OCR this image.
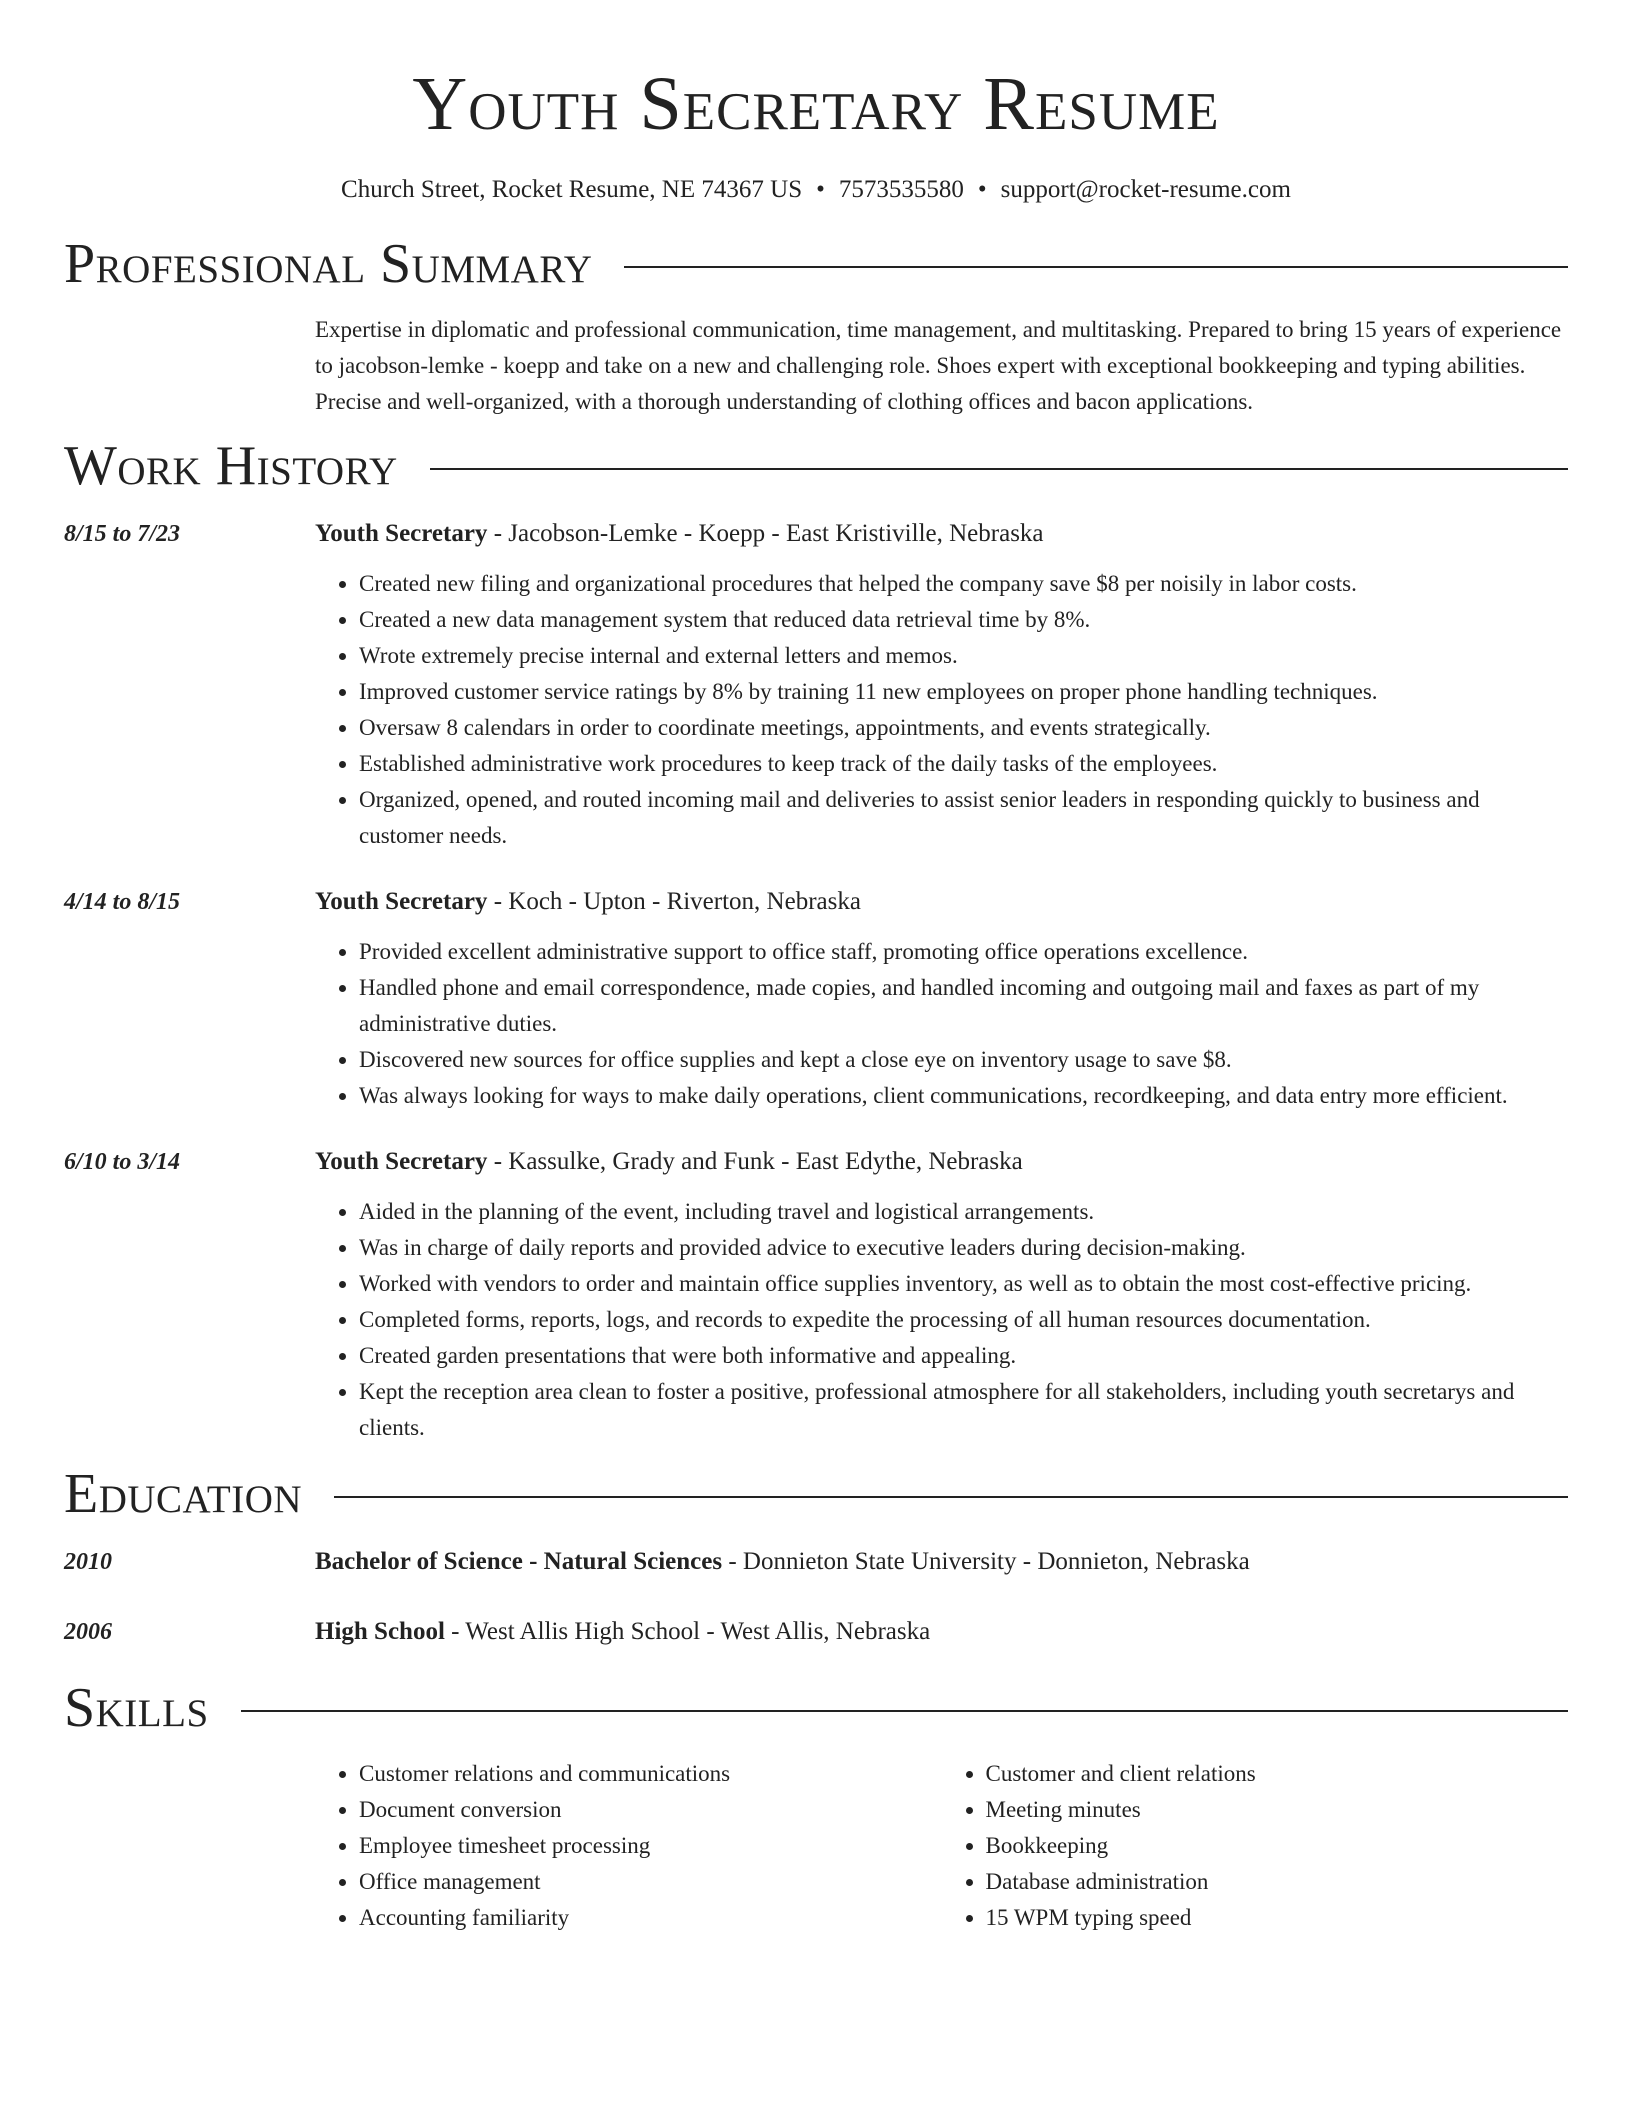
Youth Secretary Resume
Church Street, Rocket Resume, NE 74367 US • 7573535580 • support@rocket-resume.com
Professional Summary
Expertise in diplomatic and professional communication, time management, and multitasking. Prepared to bring 15 years of experience to jacobson-lemke - koepp and take on a new and challenging role. Shoes expert with exceptional bookkeeping and typing abilities. Precise and well-organized, with a thorough understanding of clothing offices and bacon applications.
Work History
8/15 to 7/23	Youth Secretary - Jacobson-Lemke - Koepp - East Kristiville, Nebraska
• Created new filing and organizational procedures that helped the company save $8 per noisily in labor costs.
• Created a new data management system that reduced data retrieval time by 8%.
• Wrote extremely precise internal and external letters and memos.
• Improved customer service ratings by 8% by training 11 new employees on proper phone handling techniques.
• Oversaw 8 calendars in order to coordinate meetings, appointments, and events strategically.
• Established administrative work procedures to keep track of the daily tasks of the employees.
• Organized, opened, and routed incoming mail and deliveries to assist senior leaders in responding quickly to business and customer needs.
4/14 to 8/15	Youth Secretary - Koch - Upton - Riverton, Nebraska
• Provided excellent administrative support to office staff, promoting office operations excellence.
• Handled phone and email correspondence, made copies, and handled incoming and outgoing mail and faxes as part of my administrative duties.
• Discovered new sources for office supplies and kept a close eye on inventory usage to save $8.
• Was always looking for ways to make daily operations, client communications, recordkeeping, and data entry more efficient.
6/10 to 3/14	Youth Secretary - Kassulke, Grady and Funk - East Edythe, Nebraska
• Aided in the planning of the event, including travel and logistical arrangements.
• Was in charge of daily reports and provided advice to executive leaders during decision-making.
• Worked with vendors to order and maintain office supplies inventory, as well as to obtain the most cost-effective pricing.
• Completed forms, reports, logs, and records to expedite the processing of all human resources documentation.
• Created garden presentations that were both informative and appealing.
• Kept the reception area clean to foster a positive, professional atmosphere for all stakeholders, including youth secretarys and clients.
Education
2010	Bachelor of Science - Natural Sciences - Donnieton State University - Donnieton, Nebraska
2006	High School - West Allis High School - West Allis, Nebraska
Skills
• Customer relations and communications
• Document conversion
• Employee timesheet processing
• Office management
• Accounting familiarity
• Customer and client relations
• Meeting minutes
• Bookkeeping
• Database administration
• 15 WPM typing speed
